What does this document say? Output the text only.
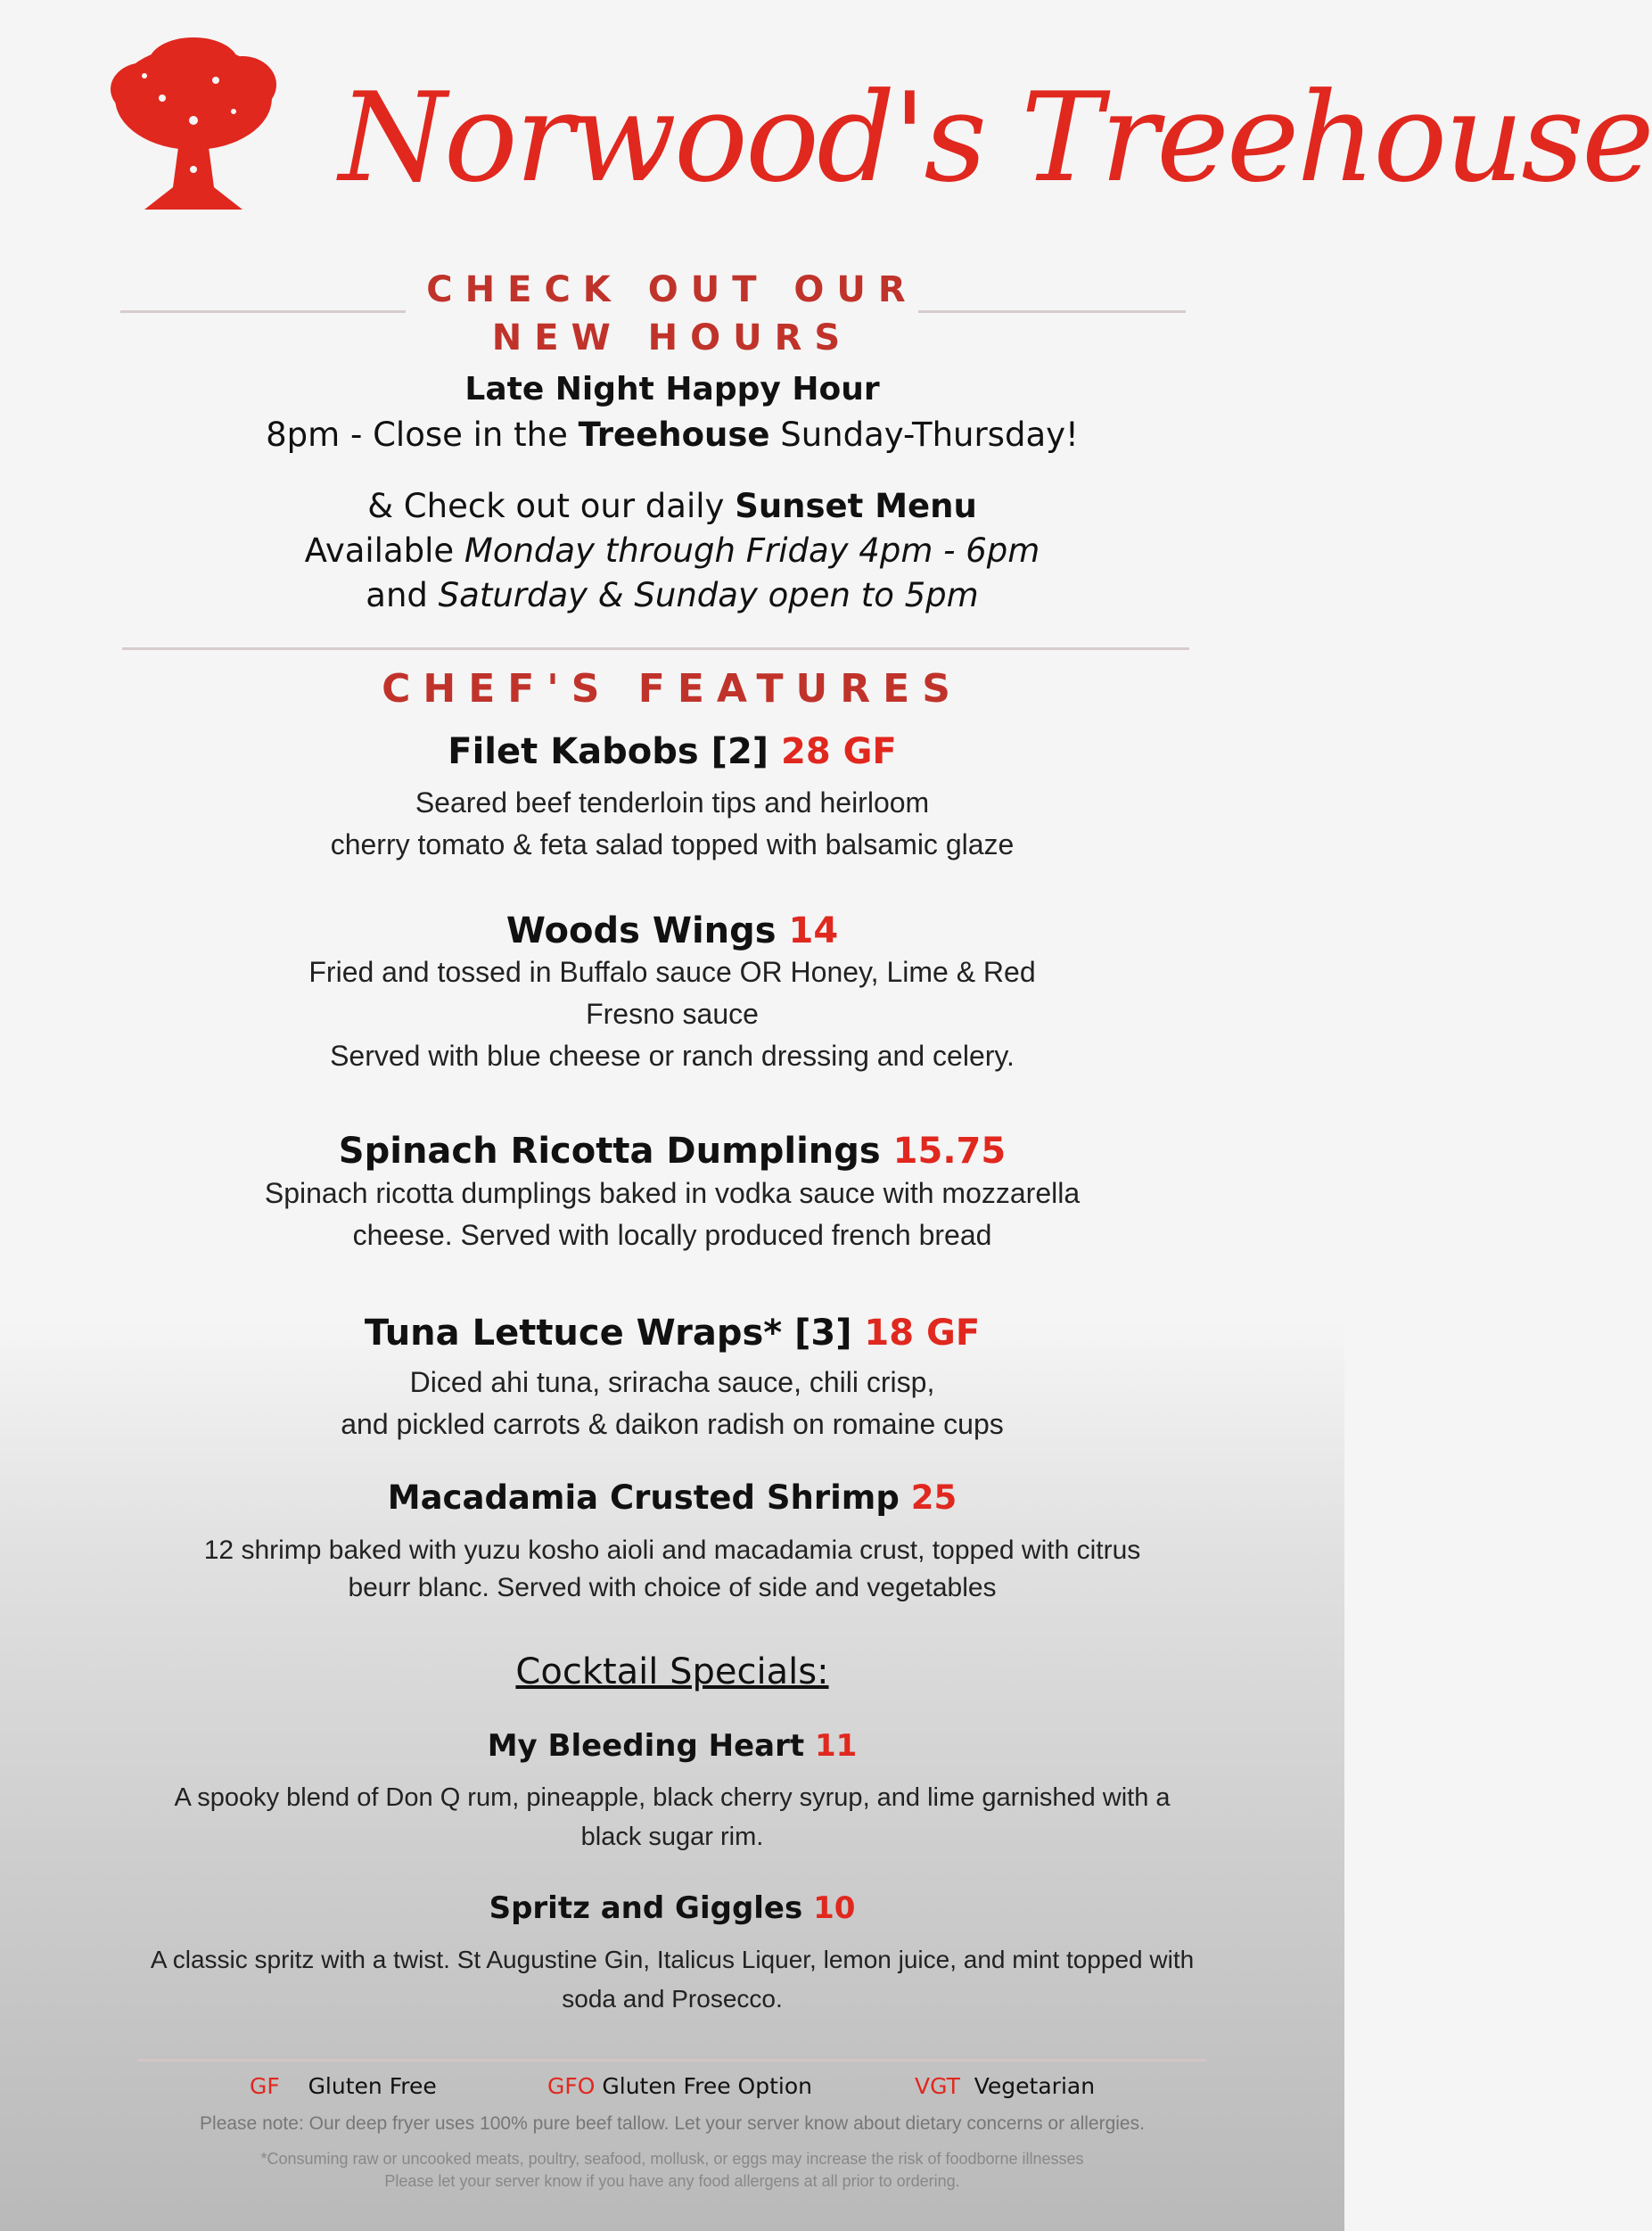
Norwood's Treehouse
CHECK OUT OUR
NEW HOURS
Late Night Happy Hour
8pm - Close in the Treehouse Sunday-Thursday!
& Check out our daily Sunset Menu
Available Monday through Friday 4pm - 6pm
and Saturday & Sunday open to 5pm
CHEF'S FEATURES
Filet Kabobs [2] 28 GF
Seared beef tenderloin tips and heirloom
cherry tomato & feta salad topped with balsamic glaze
Woods Wings 14
Fried and tossed in Buffalo sauce OR Honey, Lime & Red
Fresno sauce
Served with blue cheese or ranch dressing and celery.
Spinach Ricotta Dumplings 15.75
Spinach ricotta dumplings baked in vodka sauce with mozzarella
cheese. Served with locally produced french bread
Tuna Lettuce Wraps* [3] 18 GF
Diced ahi tuna, sriracha sauce, chili crisp,
and pickled carrots & daikon radish on romaine cups
Macadamia Crusted Shrimp 25
12 shrimp baked with yuzu kosho aioli and macadamia crust, topped with citrus
beurr blanc. Served with choice of side and vegetables
Cocktail Specials:
My Bleeding Heart 11
A spooky blend of Don Q rum, pineapple, black cherry syrup, and lime garnished with a
black sugar rim.
Spritz and Giggles 10
A classic spritz with a twist. St Augustine Gin, Italicus Liquer, lemon juice, and mint topped with
soda and Prosecco.
GF Gluten Free	GFO Gluten Free Option	VGT Vegetarian
Please note: Our deep fryer uses 100% pure beef tallow. Let your server know about dietary concerns or allergies.
*Consuming raw or uncooked meats, poultry, seafood, mollusk, or eggs may increase the risk of foodborne illnesses
Please let your server know if you have any food allergens at all prior to ordering.
